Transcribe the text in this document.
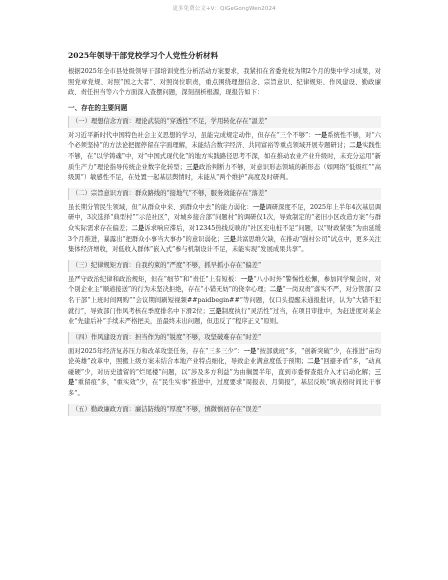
更多免费公文+V：QiGeGongWen2024
2025年领导干部党校学习个人党性分析材料

根据2025年全市县处级领导干部培训党性分析活动方案要求，我紧扣在省委党校为期2个月的集中学习成果，对照党章党规、对照“国之大者”、对照岗位职责，重点围绕理想信念、宗旨意识、纪律规矩、作风建设、勤政廉政、责任担当等六个方面深入查摆问题，深刻剖析根源，现报告如下：

一、存在的主要问题
（一）理想信念方面：理论武装的“穿透性”不足，学用转化存在“温差”

对习近平新时代中国特色社会主义思想的学习，虽能完成规定动作，但存在“三个不够”：一是系统性不够，对“六个必须坚持”的方法论把握停留在字面理解，未能结合数字经济、共同富裕等重点领域开展专题研讨；二是实践性不够，在“以学铸魂”中，对“中国式现代化”的地方实践路径思考不深，如在推动农业产业升级时，未充分运用“新质生产力”理论指导传统企业数字化转型；三是政治判断力不够，对意识形态领域的新形态（如网络“低级红”“高级黑”）敏感性不足，在处置一起基层舆情时，未能从“两个维护”高度及时研判。

（二）宗旨意识方面：群众路线的“接地气”不够，服务效能存在“落差”

虽长期分管民生领域，但“从群众中来、到群众中去”的能力弱化：一是调研深度不足，2025年上半年4次基层调研中，3次选择“典型村”“示范社区”，对城乡接合部“问题村”的调研仅1次，导致制定的“老旧小区改造方案”与群众实际需求存在偏差；二是诉求响应滞后，对12345热线反映的“社区充电桩不足”问题，以“财政紧张”为由延缓3个月推进，暴露出“把群众小事当大事办”的意识弱化；三是共富思维欠缺，在推动“强村公司”试点中，更多关注集体经济增收，对低收入群体“嵌入式”参与机制设计不足，未能实现“发展成果共享”。

（三）纪律规矩方面：自我约束的“严度”不够，抓早抓小存在“偏差”

虽严守政治纪律和政治规矩，但在“细节”和“责任”上有短板：一是“八小时外”警惕性松懈，参加同学聚会时，对个别企业主“顺道接送”的行为未坚决拒绝，存在“小错无妨”的侥幸心理；二是“一岗双责”落实不严，对分管部门2名干部“上班时间网购”“会议期间刷短视频##paidbegin##”等问题，仅口头提醒未通报批评，认为“大错不犯就行”，导致部门作风考核在季度排名中下滑2位；三是制度执行“灵活性”过当，在项目审批中，为赶进度对某企业“先建后补”手续未严格把关，虽最终未出问题，但违反了“程序正义”原则。

（四）作风建设方面：担当作为的“锐度”不够，攻坚破难存在“时差”

面对2025年经济复苏压力和改革攻坚任务，存在“三多三少”：一是“按部就班”多，“创新突破”少，在推进“亩均论英雄”改革中，照搬上级方案未结合本地产业特点细化，导致企业满意度低于预期；二是“回避矛盾”多，“动真碰硬”少，对历史遗留的“烂尾楼”问题，以“涉及多方利益”为由搁置半年，直到市委督查组介入才启动化解；三是“重留痕”多，“重实效”少，在“民生实事”推进中，过度要求“周报表、月简报”，基层反映“填表格时间比干事多”。

（五）勤政廉政方面：廉洁防线的“厚度”不够，慎微慎初存在“误差”
